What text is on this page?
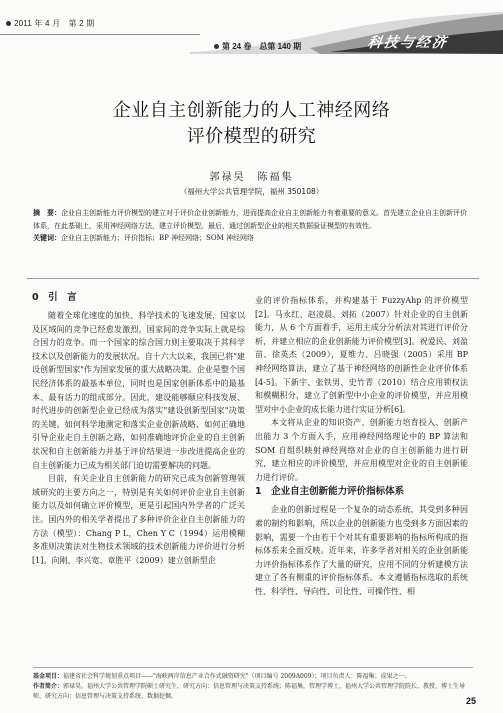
2011 年 4 月　第 2 期
第 24 卷　总第 140 期	科技与经济
企业自主创新能力的人工神经网络
评价模型的研究
郭禄昊　陈福集
（福州大学公共管理学院，福州 350108）
摘　要：企业自主创新能力评价模型的建立对于评价企业创新能力，进而提高企业自主创新能力有着重要的意义。首先建立企业自主创新评价体系，在此基础上，采用神经网络方法，建立评价模型。最后，通过创新型企业的相关数据验证模型的有效性。
关键词：企业自主创新能力；评价指标；BP 神经网络；SOM 神经网络
0　引　言

随着全球化速度的加快、科学技术的飞速发展，国家以及区域间的竞争已经愈发激烈，国家间的竞争实际上就是综合国力的竞争。而一个国家的综合国力则主要取决于其科学技术以及创新能力的发展状况。自十六大以来，我国已将"建设创新型国家"作为国家发展的重大战略决策。企业是整个国民经济体系的最基本单位，同时也是国家创新体系中的最基本、最有活力的组成部分。因此，建设能够顺应科技发展、时代进步的创新型企业已经成为落实"建设创新型国家"决策的关键。如何科学地测定和落实企业创新战略、如何正确地引导企业走自主创新之路，如何准确地评价企业的自主创新状况和自主创新能力并基于评价结果进一步改进提高企业的自主创新能力已成为相关部门迫切需要解决的问题。

目前，有关企业自主创新能力的研究已成为创新管理领域研究的主要方向之一，特别是有关如何评价企业自主创新能力以及如何确立评价模型，更是引起国内外学者的广泛关注。国内外的相关学者提出了多种评价企业自主创新能力的方法（模型）：Chang P L，Chen Y C（1994）运用模糊多准则决策法对生物技术领域的技术创新能力评价进行分析[1]。向刚、李兴宽、章胜平（2009）建立创新型企

业的评价指标体系，并构建基于 FuzzyAhp 的评价模型[2]。马永红、赵凌晨、刘拓（2007）针对企业的自主创新能力，从 6 个方面着手，运用主成分分析法对其进行评价分析，并建立相应的企业创新能力评价模型[3]。祝爱民、刘盈苗、徐英杰（2009），夏维力、吕晓强（2005）采用 BP 神经网络算法，建立了基于神经网络的创新性企业评价体系[4-5]。下新宇、张铁男、史竹青（2010）结合应用锁权法和模糊积分，建立了创新型中小企业的评价模型，并应用模型对中小企业的成长能力进行实证分析[6]。

本文将从企业的知识资产、创新能力培育投入、创新产出能力 3 个方面入手，应用神经网络理论中的 BP 算法和 SOM 自组织映射神经网络对企业的自主创新能力进行研究，建立相应的评价模型，并应用模型对企业的自主创新能力进行评价。

1　企业自主创新能力评价指标体系

企业的创新过程是一个复杂的动态系统，其受到多种因素的制约和影响，所以企业的创新能力也受到多方面因素的影响，需要一个由若干个对其有重要影响的指标所构成的指标体系来全面反映。近年来，许多学者对相关的企业创新能力评价指标体系作了大量的研究，应用不同的分析建模方法建立了各有侧重的评价指标体系。本文遵循指标选取的系统性、科学性、导向性、可比性、可操作性、相

基金项目：福建省社会科学规划重点项目——"海峡两岸信息产业合作式融资研究"（项目编号 2009A009）；项目负责人：陈福集；成果之一。
作者简介：郭禄昊，福州大学公共管理学院硕士研究生，研究方向：信息管理与决策支持系统；陈福集，管理学博士，福州大学公共管理学院院长、教授、博士生导师，研究方向：信息管理与决策支持系统、数据挖掘。	25
